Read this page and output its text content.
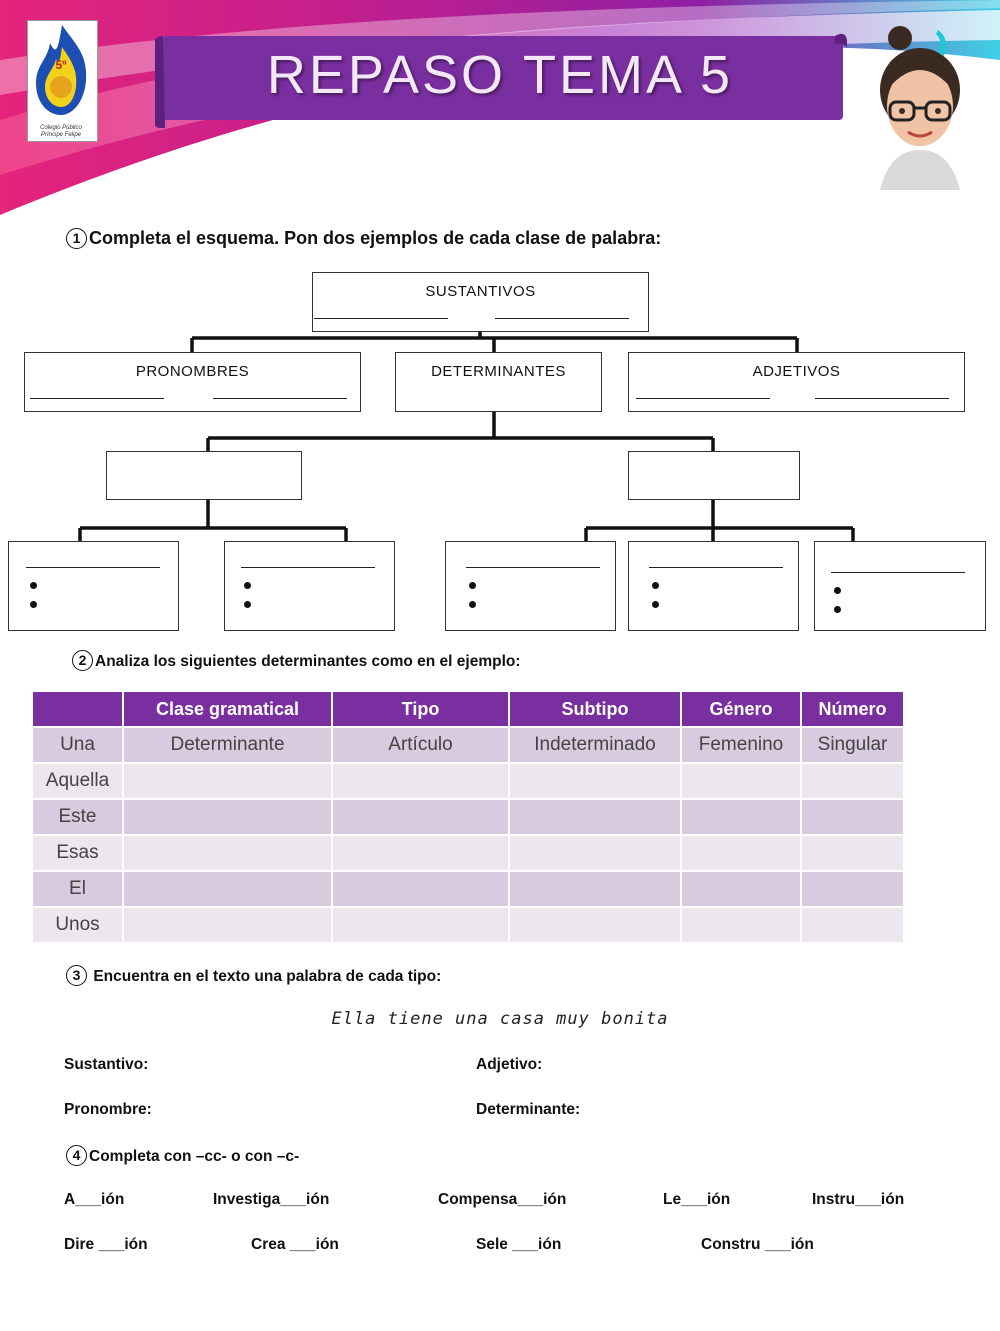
REPASO TEMA 5
5º
Colegio Público
Príncipe Felipe
1 Completa el esquema. Pon dos ejemplos de cada clase de palabra:
SUSTANTIVOS
PRONOMBRES	DETERMINANTES	ADJETIVOS
2 Analiza los siguientes determinantes como en el ejemplo:
	Clase gramatical	Tipo	Subtipo	Género	Número
Una	Determinante	Artículo	Indeterminado	Femenino	Singular
Aquella					
Este					
Esas					
El					
Unos					
3 Encuentra en el texto una palabra de cada tipo:
Ella tiene una casa muy bonita
Sustantivo:	Adjetivo:
Pronombre:	Determinante:
4 Completa con –cc- o con –c-
A___ión	Investiga___ión	Compensa___ión	Le___ión	Instru___ión
Dire ___ión	Crea ___ión	Sele ___ión	Constru ___ión
